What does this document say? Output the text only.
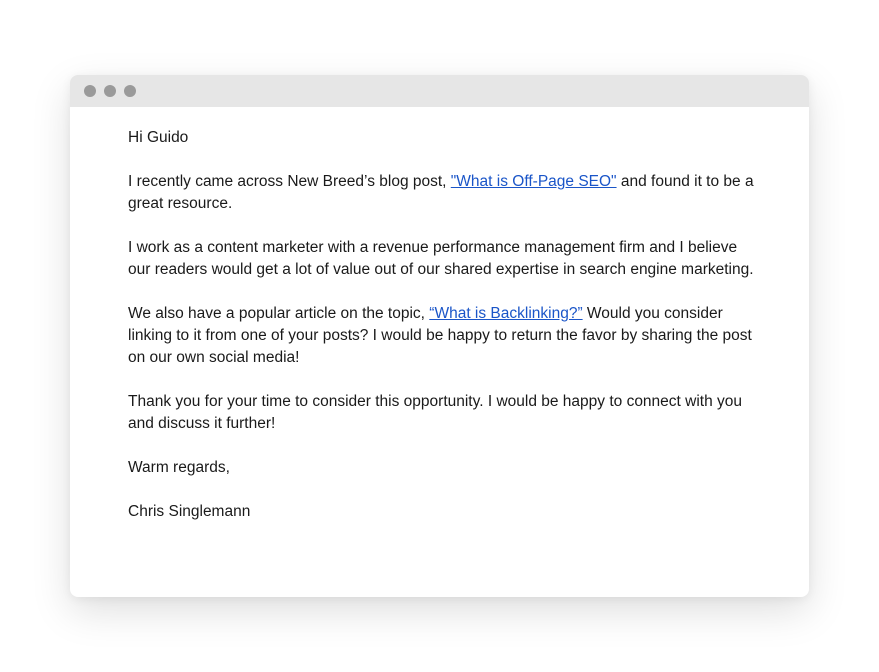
Hi Guido

I recently came across New Breed’s blog post, "What is Off-Page SEO" and found it to be a great resource.

I work as a content marketer with a revenue performance management firm and I believe our readers would get a lot of value out of our shared expertise in search engine marketing.

We also have a popular article on the topic, “What is Backlinking?” Would you consider linking to it from one of your posts? I would be happy to return the favor by sharing the post on our own social media!

Thank you for your time to consider this opportunity. I would be happy to connect with you and discuss it further!

Warm regards,

Chris Singlemann
